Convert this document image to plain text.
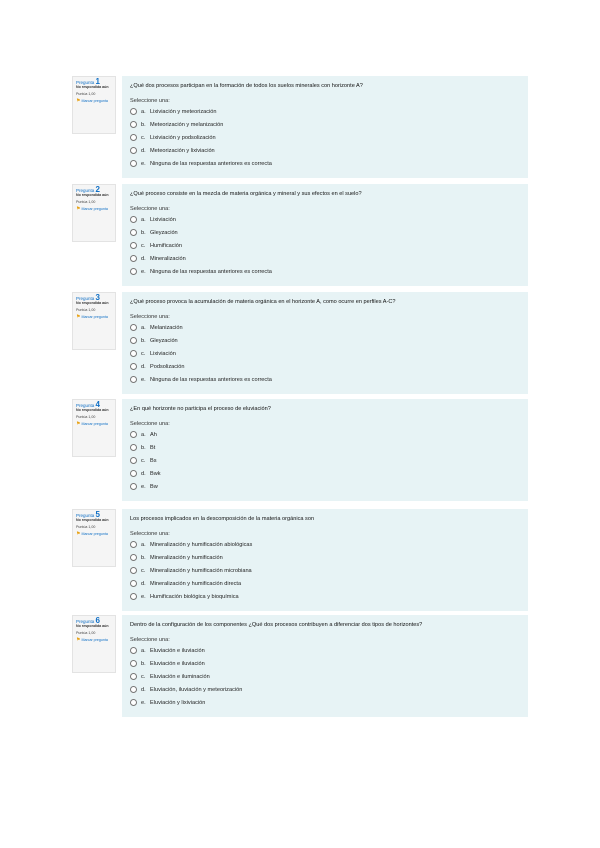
Pregunta 1
No respondida aún
Puntúa 1,00
⚑ Marcar pregunta
¿Qué dos procesos participan en la formación de todos los suelos minerales con horizonte A?
Seleccione una:
a. Lixiviación y meteorización
b. Meteorización y melanización
c. Lixiviación y podsolización
d. Meteorización y lixiviación
e. Ninguna de las respuestas anteriores es correcta
Pregunta 2
No respondida aún
Puntúa 1,00
⚑ Marcar pregunta
¿Qué proceso consiste en la mezcla de materia orgánica y mineral y sus efectos en el suelo?
Seleccione una:
a. Lixiviación
b. Gleyzación
c. Humificación
d. Mineralización
e. Ninguna de las respuestas anteriores es correcta
Pregunta 3
No respondida aún
Puntúa 1,00
⚑ Marcar pregunta
¿Qué proceso provoca la acumulación de materia orgánica en el horizonte A, como ocurre en perfiles A-C?
Seleccione una:
a. Melanización
b. Gleyzación
c. Lixiviación
d. Podsolización
e. Ninguna de las respuestas anteriores es correcta
Pregunta 4
No respondida aún
Puntúa 1,00
⚑ Marcar pregunta
¿En qué horizonte no participa el proceso de eluviación?
Seleccione una:
a. Ah
b. Bt
c. Bs
d. Bwk
e. Bw
Pregunta 5
No respondida aún
Puntúa 1,00
⚑ Marcar pregunta
Los procesos implicados en la descomposición de la materia orgánica son
Seleccione una:
a. Mineralización y humificación abiológicas
b. Mineralización y humificación
c. Mineralización y humificación microbiana
d. Mineralización y humificación directa
e. Humificación biológica y bioquímica
Pregunta 6
No respondida aún
Puntúa 1,00
⚑ Marcar pregunta
Dentro de la configuración de los componentes ¿Qué dos procesos contribuyen a diferenciar dos tipos de horizontes?
Seleccione una:
a. Eluviación e iluviación
b. Eluviación e iluviación
c. Eluviación e iluminación
d. Eluviación, iluviación y meteorización
e. Eluviación y lixiviación
